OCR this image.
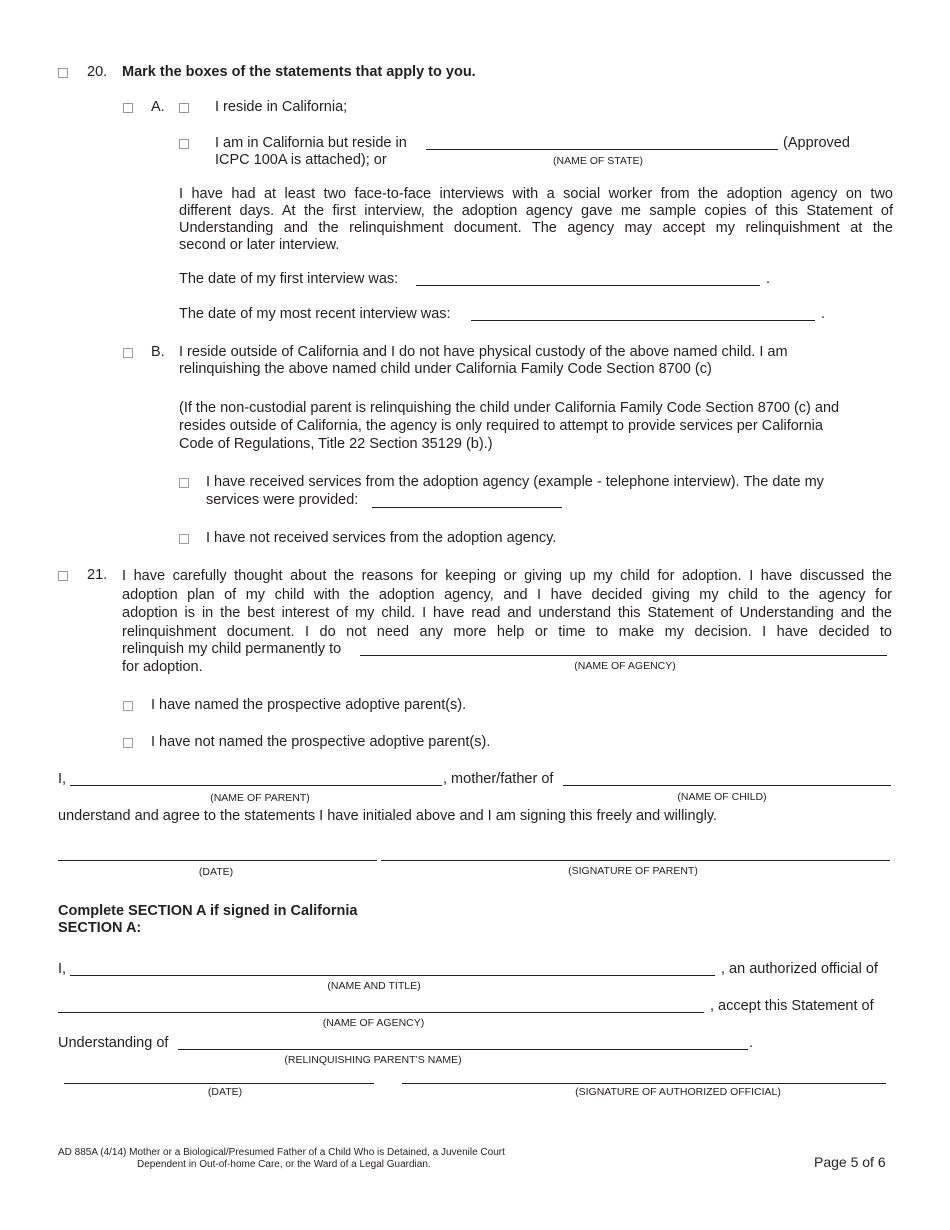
20. Mark the boxes of the statements that apply to you.
A.	I reside in California;
I am in California but reside in	(Approved
ICPC 100A is attached); or	(NAME OF STATE)
I have had at least two face-to-face interviews with a social worker from the adoption agency on two
different days. At the first interview, the adoption agency gave me sample copies of this Statement of
Understanding and the relinquishment document. The agency may accept my relinquishment at the
second or later interview.
The date of my first interview was:	.
The date of my most recent interview was:	.
B. I reside outside of California and I do not have physical custody of the above named child. I am
relinquishing the above named child under California Family Code Section 8700 (c)
(If the non-custodial parent is relinquishing the child under California Family Code Section 8700 (c) and
resides outside of California, the agency is only required to attempt to provide services per California
Code of Regulations, Title 22 Section 35129 (b).)
I have received services from the adoption agency (example - telephone interview). The date my
services were provided:
I have not received services from the adoption agency.
21. I have carefully thought about the reasons for keeping or giving up my child for adoption. I have discussed the
adoption plan of my child with the adoption agency, and I have decided giving my child to the agency for
adoption is in the best interest of my child. I have read and understand this Statement of Understanding and the
relinquishment document. I do not need any more help or time to make my decision. I have decided to
relinquish my child permanently to
for adoption.	(NAME OF AGENCY)
I have named the prospective adoptive parent(s).
I have not named the prospective adoptive parent(s).
I,	, mother/father of
(NAME OF PARENT)	(NAME OF CHILD)
understand and agree to the statements I have initialed above and I am signing this freely and willingly.
(DATE)	(SIGNATURE OF PARENT)
Complete SECTION A if signed in California
SECTION A:
I,	, an authorized official of
(NAME AND TITLE)
, accept this Statement of
(NAME OF AGENCY)
Understanding of	.
(RELINQUISHING PARENT’S NAME)
(DATE)	(SIGNATURE OF AUTHORIZED OFFICIAL)
AD 885A (4/14) Mother or a Biological/Presumed Father of a Child Who is Detained, a Juvenile Court
Dependent in Out-of-home Care, or the Ward of a Legal Guardian.	Page 5 of 6
